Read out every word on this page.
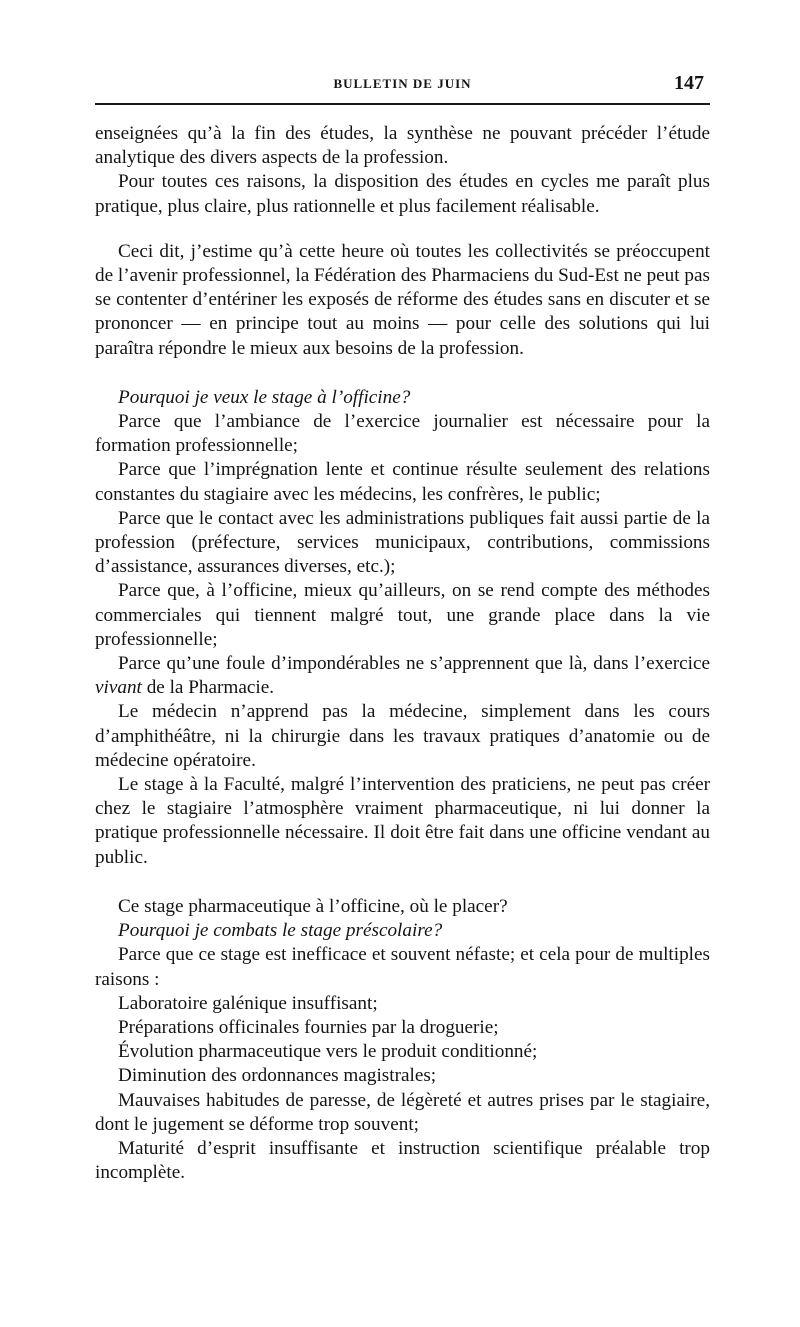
BULLETIN DE JUIN	147

enseignées qu’à la fin des études, la synthèse ne pouvant précéder l’étude analytique des divers aspects de la profession.

Pour toutes ces raisons, la disposition des études en cycles me paraît plus pratique, plus claire, plus rationnelle et plus facilement réalisable.

Ceci dit, j’estime qu’à cette heure où toutes les collectivités se préoccupent de l’avenir professionnel, la Fédération des Pharmaciens du Sud-Est ne peut pas se contenter d’entériner les exposés de réforme des études sans en discuter et se prononcer — en principe tout au moins — pour celle des solutions qui lui paraîtra répondre le mieux aux besoins de la profession.

Pourquoi je veux le stage à l’officine?

Parce que l’ambiance de l’exercice journalier est nécessaire pour la formation professionnelle;

Parce que l’imprégnation lente et continue résulte seulement des relations constantes du stagiaire avec les médecins, les confrères, le public;

Parce que le contact avec les administrations publiques fait aussi partie de la profession (préfecture, services municipaux, contributions, commissions d’assistance, assurances diverses, etc.);

Parce que, à l’officine, mieux qu’ailleurs, on se rend compte des méthodes commerciales qui tiennent malgré tout, une grande place dans la vie professionnelle;

Parce qu’une foule d’impondérables ne s’apprennent que là, dans l’exercice vivant de la Pharmacie.

Le médecin n’apprend pas la médecine, simplement dans les cours d’amphithéâtre, ni la chirurgie dans les travaux pratiques d’anatomie ou de médecine opératoire.

Le stage à la Faculté, malgré l’intervention des praticiens, ne peut pas créer chez le stagiaire l’atmosphère vraiment pharmaceutique, ni lui donner la pratique professionnelle nécessaire. Il doit être fait dans une officine vendant au public.

Ce stage pharmaceutique à l’officine, où le placer?

Pourquoi je combats le stage préscolaire?

Parce que ce stage est inefficace et souvent néfaste; et cela pour de multiples raisons :

Laboratoire galénique insuffisant;

Préparations officinales fournies par la droguerie;

Évolution pharmaceutique vers le produit conditionné;

Diminution des ordonnances magistrales;

Mauvaises habitudes de paresse, de légèreté et autres prises par le stagiaire, dont le jugement se déforme trop souvent;

Maturité d’esprit insuffisante et instruction scientifique préalable trop incomplète.
